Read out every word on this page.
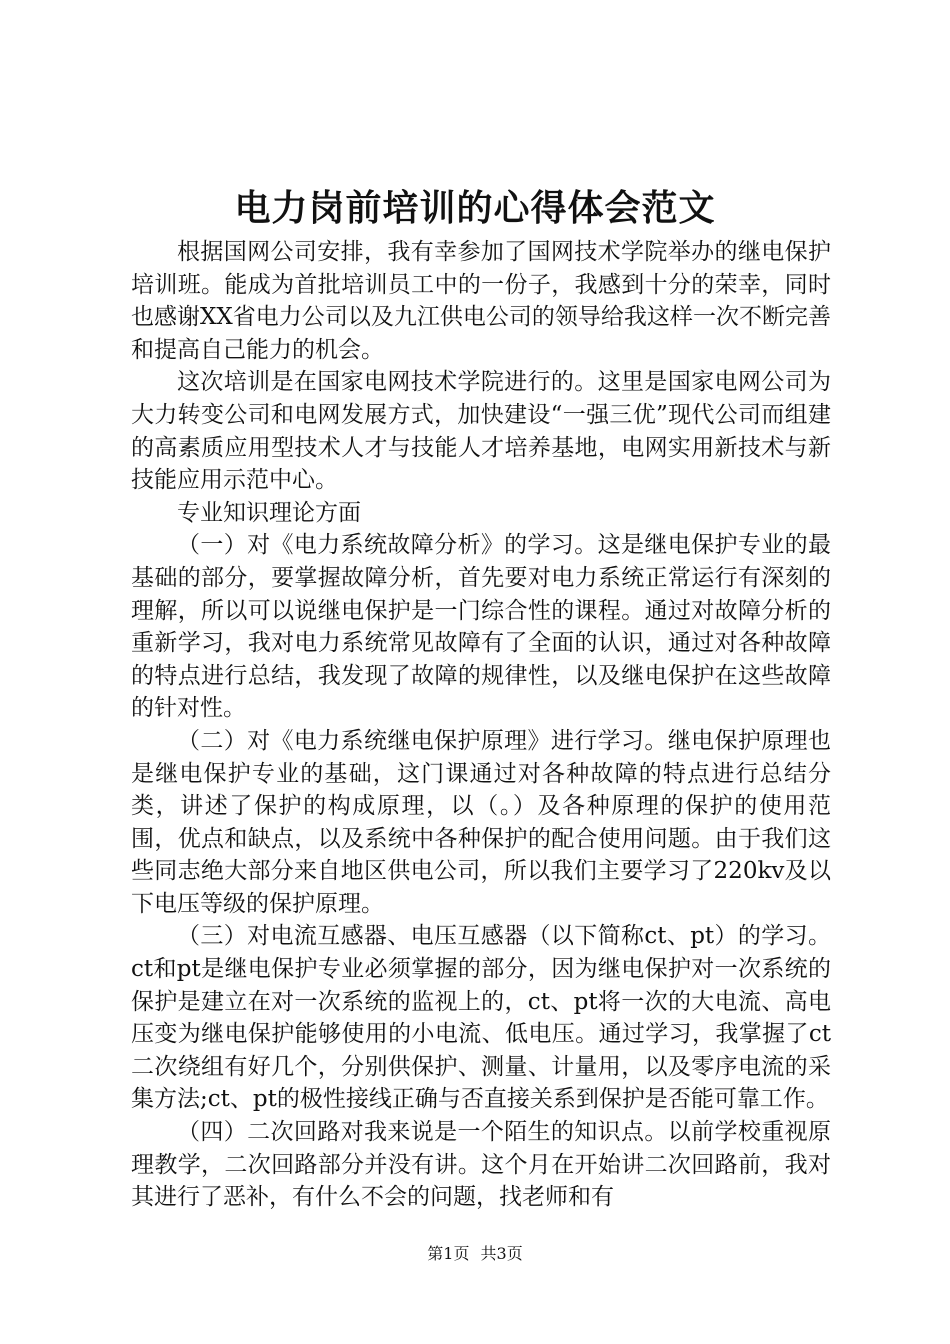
电力岗前培训的心得体会范文

根据国网公司安排，我有幸参加了国网技术学院举办的继电保护培训班。能成为首批培训员工中的一份子，我感到十分的荣幸，同时也感谢XX省电力公司以及九江供电公司的领导给我这样一次不断完善和提高自己能力的机会。

这次培训是在国家电网技术学院进行的。这里是国家电网公司为大力转变公司和电网发展方式，加快建设“一强三优”现代公司而组建的高素质应用型技术人才与技能人才培养基地，电网实用新技术与新技能应用示范中心。

专业知识理论方面

（一）对《电力系统故障分析》的学习。这是继电保护专业的最基础的部分，要掌握故障分析，首先要对电力系统正常运行有深刻的理解，所以可以说继电保护是一门综合性的课程。通过对故障分析的重新学习，我对电力系统常见故障有了全面的认识，通过对各种故障的特点进行总结，我发现了故障的规律性，以及继电保护在这些故障的针对性。

（二）对《电力系统继电保护原理》进行学习。继电保护原理也是继电保护专业的基础，这门课通过对各种故障的特点进行总结分类，讲述了保护的构成原理，以（。）及各种原理的保护的使用范围，优点和缺点，以及系统中各种保护的配合使用问题。由于我们这些同志绝大部分来自地区供电公司，所以我们主要学习了220kv及以下电压等级的保护原理。

（三）对电流互感器、电压互感器（以下简称ct、pt）的学习。ct和pt是继电保护专业必须掌握的部分，因为继电保护对一次系统的保护是建立在对一次系统的监视上的，ct、pt将一次的大电流、高电压变为继电保护能够使用的小电流、低电压。通过学习，我掌握了ct二次绕组有好几个，分别供保护、测量、计量用，以及零序电流的采集方法;ct、pt的极性接线正确与否直接关系到保护是否能可靠工作。

（四）二次回路对我来说是一个陌生的知识点。以前学校重视原理教学，二次回路部分并没有讲。这个月在开始讲二次回路前，我对其进行了恶补，有什么不会的问题，找老师和有

第1页 共3页
